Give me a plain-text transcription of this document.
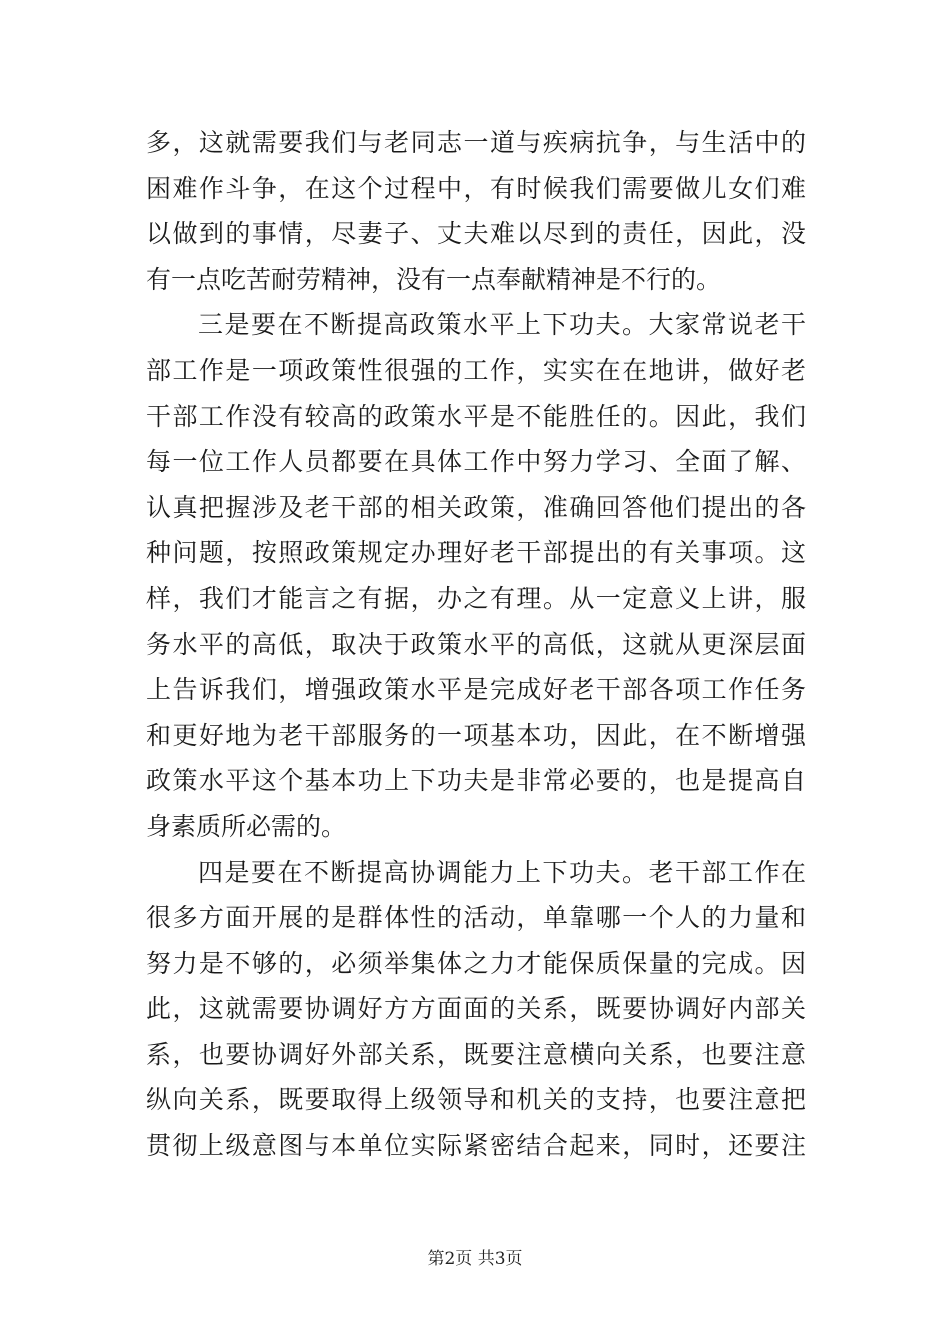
多，这就需要我们与老同志一道与疾病抗争，与生活中的
困难作斗争，在这个过程中，有时候我们需要做儿女们难
以做到的事情，尽妻子、丈夫难以尽到的责任，因此，没
有一点吃苦耐劳精神，没有一点奉献精神是不行的。
三是要在不断提高政策水平上下功夫。大家常说老干
部工作是一项政策性很强的工作，实实在在地讲，做好老
干部工作没有较高的政策水平是不能胜任的。因此，我们
每一位工作人员都要在具体工作中努力学习、全面了解、
认真把握涉及老干部的相关政策，准确回答他们提出的各
种问题，按照政策规定办理好老干部提出的有关事项。这
样，我们才能言之有据，办之有理。从一定意义上讲，服
务水平的高低，取决于政策水平的高低，这就从更深层面
上告诉我们，增强政策水平是完成好老干部各项工作任务
和更好地为老干部服务的一项基本功，因此，在不断增强
政策水平这个基本功上下功夫是非常必要的，也是提高自
身素质所必需的。
四是要在不断提高协调能力上下功夫。老干部工作在
很多方面开展的是群体性的活动，单靠哪一个人的力量和
努力是不够的，必须举集体之力才能保质保量的完成。因
此，这就需要协调好方方面面的关系，既要协调好内部关
系，也要协调好外部关系，既要注意横向关系，也要注意
纵向关系，既要取得上级领导和机关的支持，也要注意把
贯彻上级意图与本单位实际紧密结合起来，同时，还要注
第2页 共3页
